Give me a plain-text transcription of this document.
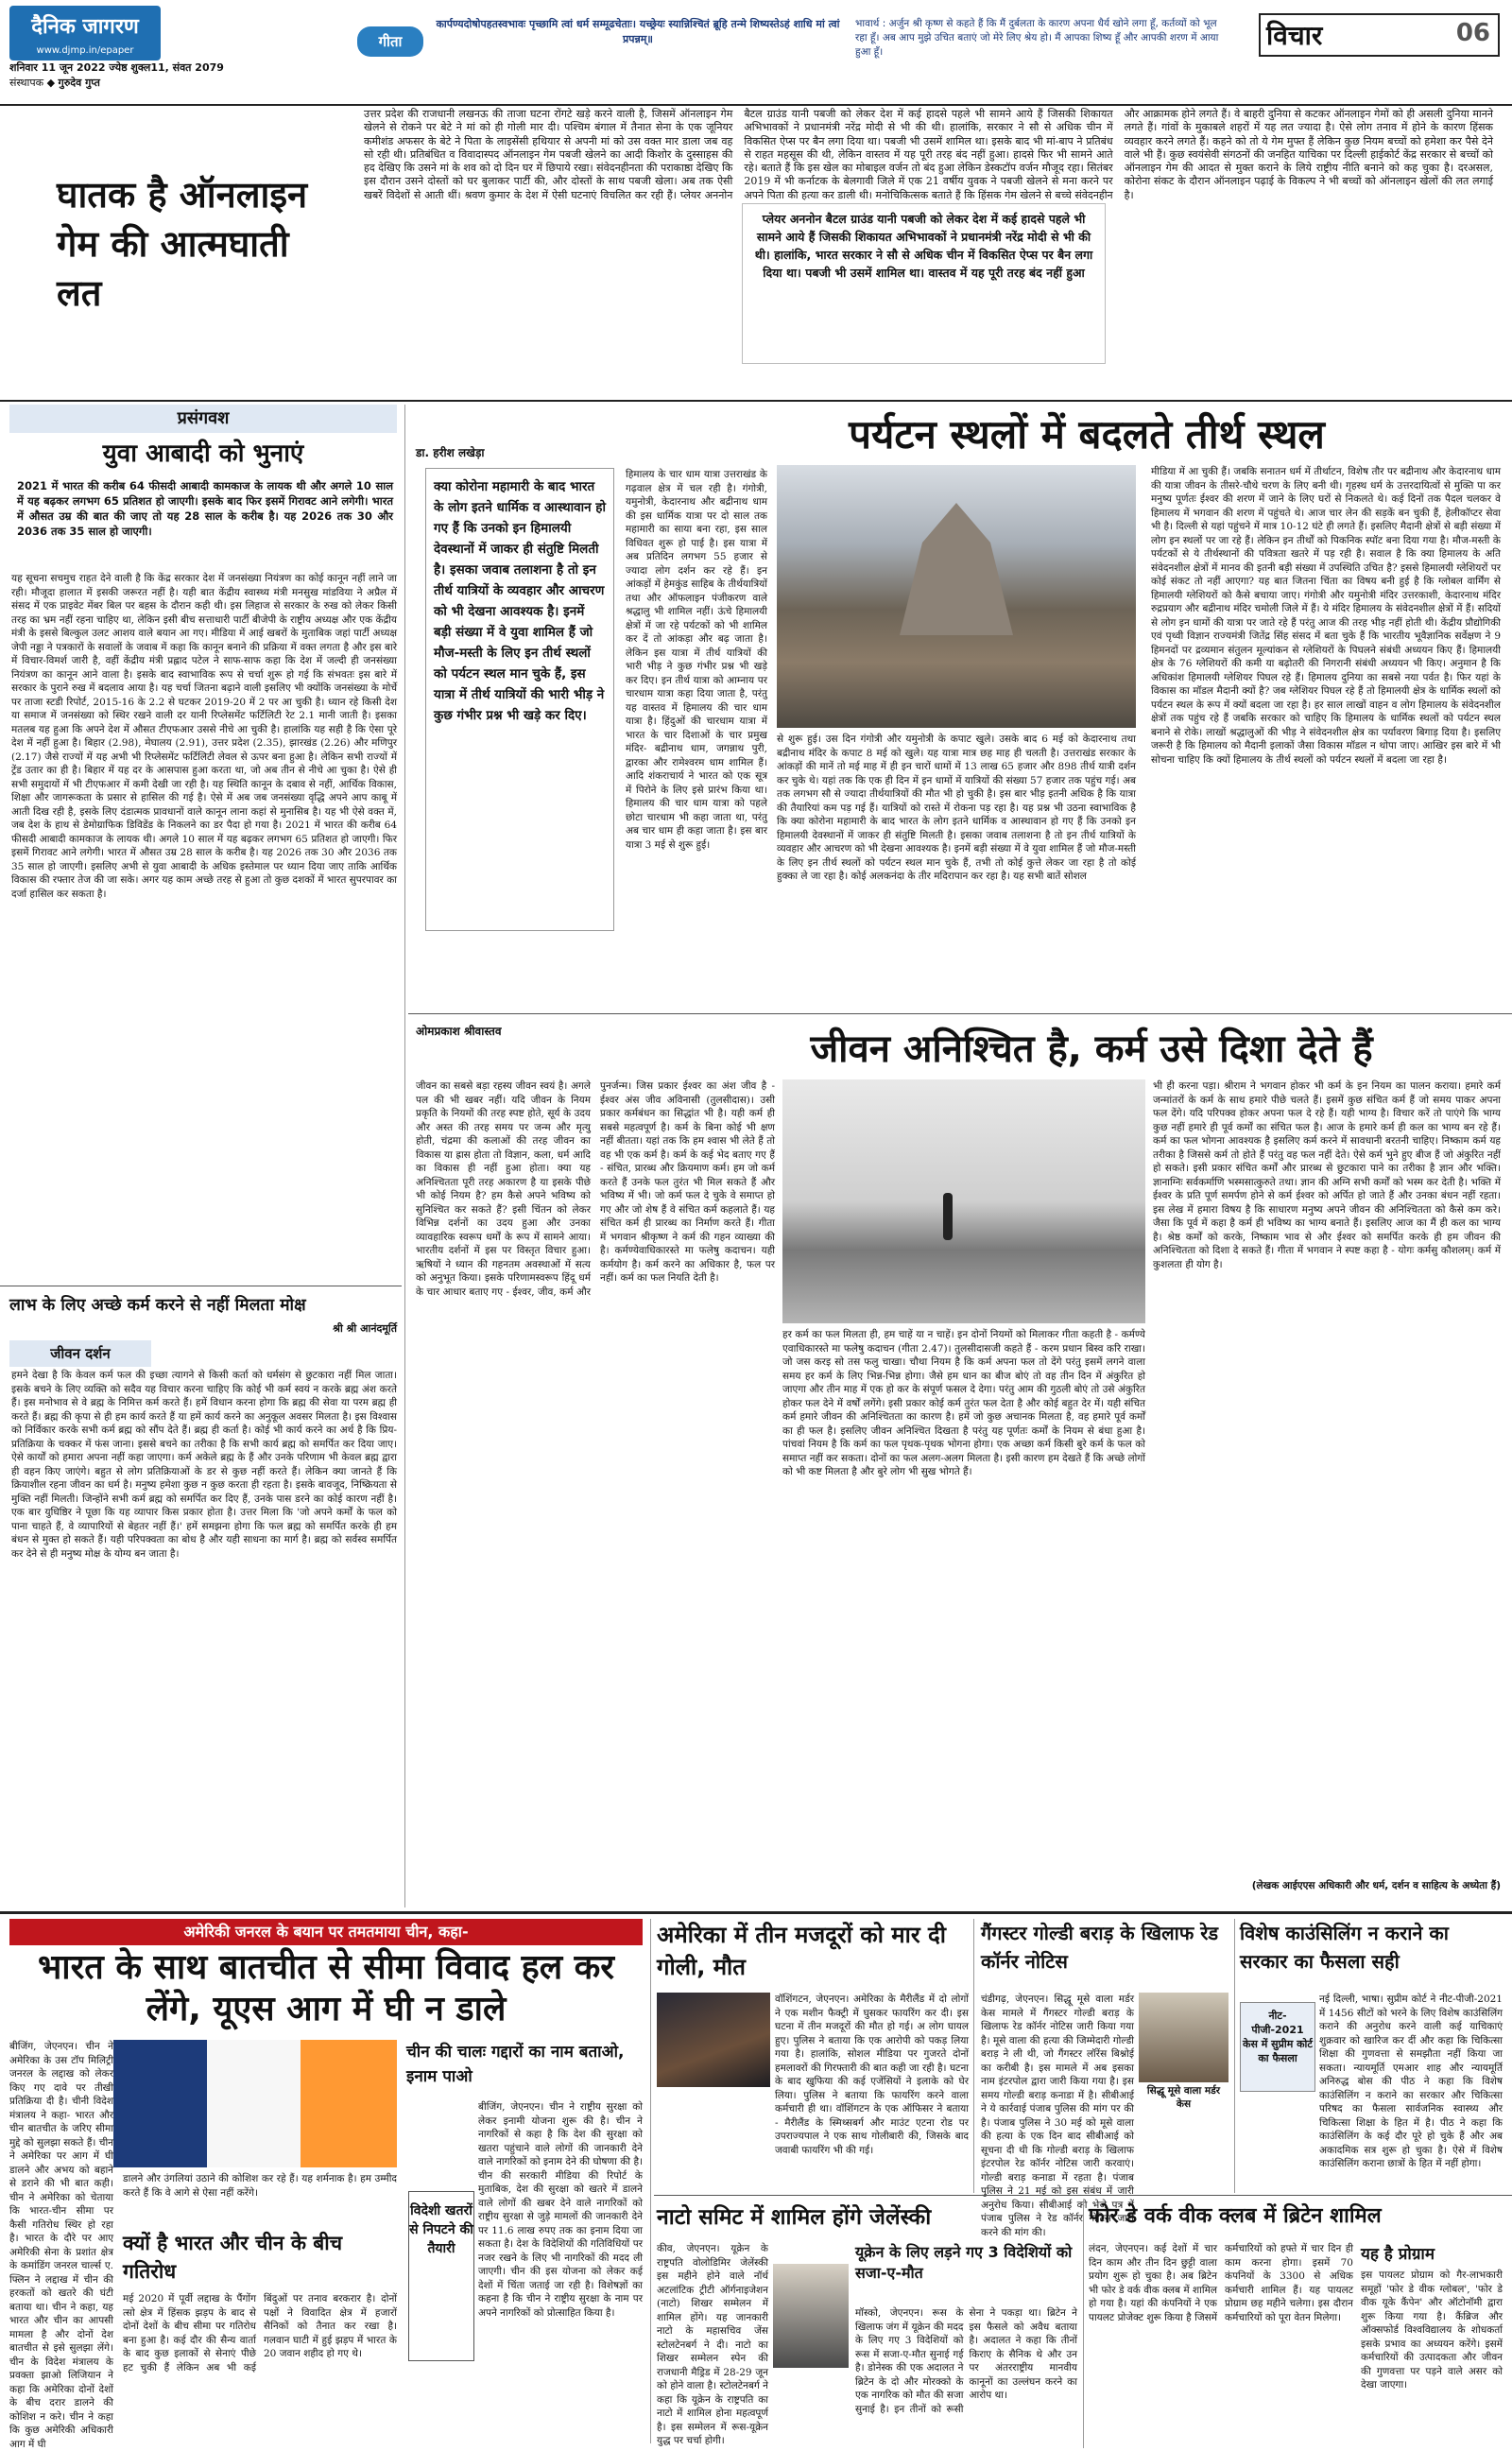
दैनिक जागरण
www.djmp.in/epaper
शनिवार 11 जून 2022 ज्येष्ठ शुक्ल11, संवत 2079
संस्थापक ◆ गुरुदेव गुप्त
गीता
कार्पण्यदोषोपहतस्वभावः पृच्छामि त्वां धर्म सम्मूढचेताः। यच्छ्रेयः स्यान्निश्चितं ब्रूहि तन्मे शिष्यस्तेऽहं शाधि मां त्वां प्रपन्नम्॥
भावार्थ : अर्जुन श्री कृष्ण से कहते हैं कि मैं दुर्बलता के कारण अपना धैर्य खोने लगा हूँ, कर्तव्यों को भूल रहा हूँ। अब आप मुझे उचित बताएं जो मेरे लिए श्रेय हो। मैं आपका शिष्य हूँ और आपकी शरण में आया हुआ हूँ।
विचार	06
घातक है ऑनलाइन गेम की आत्मघाती लत
उत्तर प्रदेश की राजधानी लखनऊ की ताजा घटना रोंगटे खड़े करने वाली है, जिसमें ऑनलाइन गेम खेलने से रोकने पर बेटे ने मां को ही गोली मार दी। पश्चिम बंगाल में तैनात सेना के एक जूनियर कमीशंड अफसर के बेटे ने पिता के लाइसेंसी हथियार से अपनी मां को उस वक्त मार डाला जब वह सो रही थी। प्रतिबंधित व विवादास्पद ऑनलाइन गेम पबजी खेलने का आदी किशोर के दुस्साहस की हद देखिए कि उसने मां के शव को दो दिन घर में छिपाये रखा। संवेदनहीनता की पराकाष्ठा देखिए कि इस दौरान उसने दोस्तों को घर बुलाकर पार्टी की, और दोस्तों के साथ पबजी खेला। अब तक ऐसी खबरें विदेशों से आती थीं। श्रवण कुमार के देश में ऐसी घटनाएं विचलित कर रही हैं। प्लेयर अननोन बैटल ग्राउंड यानी पबजी को लेकर देश में कई हादसे पहले भी सामने आये हैं जिसकी शिकायत अभिभावकों ने प्रधानमंत्री नरेंद्र मोदी से भी की थी। हालांकि, सरकार ने सौ से अधिक चीन में विकसित ऐप्स पर बैन लगा दिया था। पबजी भी उसमें शामिल था। इसके बाद भी मां-बाप ने प्रतिबंध से राहत महसूस की थी, लेकिन वास्तव में यह पूरी तरह बंद नहीं हुआ। हादसे फिर भी सामने आते रहे। बताते हैं कि इस खेल का मोबाइल वर्जन तो बंद हुआ लेकिन डेस्कटॉप वर्जन मौजूद रहा। सितंबर 2019 में भी कर्नाटक के बेलगावी जिले में एक 21 वर्षीय युवक ने पबजी खेलने से मना करने पर अपने पिता की हत्या कर डाली थी। मनोचिकित्सक बताते हैं कि हिंसक गेम खेलने से बच्चे संवेदनहीन और आक्रामक होने लगते हैं। वे बाहरी दुनिया से कटकर ऑनलाइन गेमों को ही असली दुनिया मानने लगते हैं। गांवों के मुकाबले शहरों में यह लत ज्यादा है। ऐसे लोग तनाव में होने के कारण हिंसक व्यवहार करने लगते हैं। कहने को तो ये गेम मुफ्त हैं लेकिन कुछ नियम बच्चों को हमेशा कर पैसे देने वाले भी हैं। कुछ स्वयंसेवी संगठनों की जनहित याचिका पर दिल्ली हाईकोर्ट केंद्र सरकार से बच्चों को ऑनलाइन गेम की आदत से मुक्त कराने के लिये राष्ट्रीय नीति बनाने को कह चुका है। दरअसल, कोरोना संकट के दौरान ऑनलाइन पढ़ाई के विकल्प ने भी बच्चों को ऑनलाइन खेलों की लत लगाई है।
प्लेयर अननोन बैटल ग्राउंड यानी पबजी को लेकर देश में कई हादसे पहले भी सामने आये हैं जिसकी शिकायत अभिभावकों ने प्रधानमंत्री नरेंद्र मोदी से भी की थी। हालांकि, भारत सरकार ने सौ से अधिक चीन में विकसित ऐप्स पर बैन लगा दिया था। पबजी भी उसमें शामिल था। वास्तव में यह पूरी तरह बंद नहीं हुआ
प्रसंगवश
युवा आबादी को भुनाएं
2021 में भारत की करीब 64 फीसदी आबादी कामकाज के लायक थी और अगले 10 साल में यह बढ़कर लगभग 65 प्रतिशत हो जाएगी। इसके बाद फिर इसमें गिरावट आने लगेगी। भारत में औसत उम्र की बात की जाए तो यह 28 साल के करीब है। यह 2026 तक 30 और 2036 तक 35 साल हो जाएगी।
यह सूचना सचमुच राहत देने वाली है कि केंद्र सरकार देश में जनसंख्या नियंत्रण का कोई कानून नहीं लाने जा रही। मौजूदा हालात में इसकी जरूरत नहीं है। यही बात केंद्रीय स्वास्थ्य मंत्री मनसुख मांडविया ने अप्रैल में संसद में एक प्राइवेट मेंबर बिल पर बहस के दौरान कही थी। इस लिहाज से सरकार के रुख को लेकर किसी तरह का भ्रम नहीं रहना चाहिए था, लेकिन इसी बीच सत्ताधारी पार्टी बीजेपी के राष्ट्रीय अध्यक्ष और एक केंद्रीय मंत्री के इससे बिल्कुल उलट आशय वाले बयान आ गए। मीडिया में आई खबरों के मुताबिक जहां पार्टी अध्यक्ष जेपी नड्डा ने पत्रकारों के सवालों के जवाब में कहा कि कानून बनाने की प्रक्रिया में वक्त लगता है और इस बारे में विचार-विमर्श जारी है, वहीं केंद्रीय मंत्री प्रह्लाद पटेल ने साफ-साफ कहा कि देश में जल्दी ही जनसंख्या नियंत्रण का कानून आने वाला है। इसके बाद स्वाभाविक रूप से चर्चा शुरू हो गई कि संभवतः इस बारे में सरकार के पुराने रुख में बदलाव आया है। यह चर्चा जितना बढ़ाने वाली इसलिए भी क्योंकि जनसंख्या के मोर्चे पर ताजा स्टडी रिपोर्ट, 2015-16 के 2.2 से घटकर 2019-20 में 2 पर आ चुकी है। ध्यान रहे किसी देश या समाज में जनसंख्या को स्थिर रखने वाली दर यानी रिप्लेसमेंट फर्टिलिटी रेट 2.1 मानी जाती है। इसका मतलब यह हुआ कि अपने देश में औसत टीएफआर उससे नीचे आ चुकी है। हालांकि यह सही है कि ऐसा पूरे देश में नहीं हुआ है। बिहार (2.98), मेघालय (2.91), उत्तर प्रदेश (2.35), झारखंड (2.26) और मणिपुर (2.17) जैसे राज्यों में यह अभी भी रिप्लेसमेंट फर्टिलिटी लेवल से ऊपर बना हुआ है। लेकिन सभी राज्यों में ट्रेंड उतार का ही है। बिहार में यह दर के आसपास हुआ करता था, जो अब तीन से नीचे आ चुका है। ऐसे ही सभी समुदायों में भी टीएफआर में कमी देखी जा रही है। यह स्थिति कानून के दबाव से नहीं, आर्थिक विकास, शिक्षा और जागरूकता के प्रसार से हासिल की गई है। ऐसे में अब जब जनसंख्या वृद्धि अपने आप काबू में आती दिख रही है, इसके लिए दंडात्मक प्रावधानों वाले कानून लाना कहां से मुनासिब है। यह भी ऐसे वक्त में, जब देश के हाथ से डेमोग्राफिक डिविडेंड के निकलने का डर पैदा हो गया है। 2021 में भारत की करीब 64 फीसदी आबादी कामकाज के लायक थी। अगले 10 साल में यह बढ़कर लगभग 65 प्रतिशत हो जाएगी। फिर इसमें गिरावट आने लगेगी। भारत में औसत उम्र 28 साल के करीब है। यह 2026 तक 30 और 2036 तक 35 साल हो जाएगी। इसलिए अभी से युवा आबादी के अधिक इस्तेमाल पर ध्यान दिया जाए ताकि आर्थिक विकास की रफ्तार तेज की जा सके। अगर यह काम अच्छे तरह से हुआ तो कुछ दशकों में भारत सुपरपावर का दर्जा हासिल कर सकता है।
लाभ के लिए अच्छे कर्म करने से नहीं मिलता मोक्ष
श्री श्री आनंदमूर्ति
जीवन दर्शन
हमने देखा है कि केवल कर्म फल की इच्छा त्यागने से किसी कर्ता को धर्मसंग से छुटकारा नहीं मिल जाता। इसके बचने के लिए व्यक्ति को सदैव यह विचार करना चाहिए कि कोई भी कर्म स्वयं न करके ब्रह्म अंश करते हैं। इस मनोभाव से वे ब्रह्म के निमित्त कर्म करते हैं। हमें विधान करना होगा कि ब्रह्म की सेवा या परम ब्रह्म ही करते हैं। ब्रह्म की कृपा से ही हम कार्य करते हैं या हमें कार्य करने का अनुकूल अवसर मिलता है। इस विश्वास को निर्विकार करके सभी कर्म ब्रह्म को सौंप देते हैं। ब्रह्म ही कर्ता है। कोई भी कार्य करने का अर्थ है कि प्रिय-प्रतिक्रिया के चक्कर में फंस जाना। इससे बचने का तरीका है कि सभी कार्य ब्रह्म को समर्पित कर दिया जाए। ऐसे कार्यों को हमारा अपना नहीं कहा जाएगा। कर्म अकेले ब्रह्म के हैं और उनके परिणाम भी केवल ब्रह्म द्वारा ही वहन किए जाएंगे। बहुत से लोग प्रतिक्रियाओं के डर से कुछ नहीं करते हैं। लेकिन क्या जानते हैं कि क्रियाशील रहना जीवन का धर्म है। मनुष्य हमेशा कुछ न कुछ करता ही रहता है। इसके बावजूद, निष्क्रियता से मुक्ति नहीं मिलती। जिन्होंने सभी कर्म ब्रह्म को समर्पित कर दिए हैं, उनके पास डरने का कोई कारण नहीं है। एक बार युधिष्ठिर ने पूछा कि यह व्यापार किस प्रकार होता है। उत्तर मिला कि 'जो अपने कर्मों के फल को पाना चाहते हैं, वे व्यापारियों से बेहतर नहीं हैं।' हमें समझना होगा कि फल ब्रह्म को समर्पित करके ही हम बंधन से मुक्त हो सकते हैं। यही परिपक्वता का बोध है और यही साधना का मार्ग है। ब्रह्म को सर्वस्व समर्पित कर देने से ही मनुष्य मोक्ष के योग्य बन जाता है।
पर्यटन स्थलों में बदलते तीर्थ स्थल
डा. हरीश लखेड़ा
क्या कोरोना महामारी के बाद भारत के लोग इतने धार्मिक व आस्थावान हो गए हैं कि उनको इन हिमालयी देवस्थानों में जाकर ही संतुष्टि मिलती है। इसका जवाब तलाशना है तो इन तीर्थ यात्रियों के व्यवहार और आचरण को भी देखना आवश्यक है। इनमें बड़ी संख्या में वे युवा शामिल हैं जो मौज-मस्ती के लिए इन तीर्थ स्थलों को पर्यटन स्थल मान चुके हैं, इस यात्रा में तीर्थ यात्रियों की भारी भीड़ ने कुछ गंभीर प्रश्न भी खड़े कर दिए।
हिमालय के चार धाम यात्रा उत्तराखंड के गढ़वाल क्षेत्र में चल रही है। गंगोत्री, यमुनोत्री, केदारनाथ और बद्रीनाथ धाम की इस धार्मिक यात्रा पर दो साल तक महामारी का साया बना रहा, इस साल विधिवत शुरू हो पाई है। इस यात्रा में अब प्रतिदिन लगभग 55 हजार से ज्यादा लोग दर्शन कर रहे हैं। इन आंकड़ों में हेमकुंड साहिब के तीर्थयात्रियों तथा और ऑफलाइन पंजीकरण वाले श्रद्धालु भी शामिल नहीं। ऊंचे हिमालयी क्षेत्रों में जा रहे पर्यटकों को भी शामिल कर दें तो आंकड़ा और बढ़ जाता है। लेकिन इस यात्रा में तीर्थ यात्रियों की भारी भीड़ ने कुछ गंभीर प्रश्न भी खड़े कर दिए। इन तीर्थ यात्रा को आम्नाय पर चारधाम यात्रा कहा दिया जाता है, परंतु यह वास्तव में हिमालय की चार धाम यात्रा है। हिंदुओं की चारधाम यात्रा में भारत के चार दिशाओं के चार प्रमुख मंदिर- बद्रीनाथ धाम, जगन्नाथ पुरी, द्वारका और रामेश्वरम धाम शामिल हैं। आदि शंकराचार्य ने भारत को एक सूत्र में पिरोने के लिए इसे प्रारंभ किया था। हिमालय की चार धाम यात्रा को पहले छोटा चारधाम भी कहा जाता था, परंतु अब चार धाम ही कहा जाता है। इस बार यात्रा 3 मई से शुरू हुई।
से शुरू हुई। उस दिन गंगोत्री और यमुनोत्री के कपाट खुले। उसके बाद 6 मई को केदारनाथ तथा बद्रीनाथ मंदिर के कपाट 8 मई को खुले। यह यात्रा मात्र छह माह ही चलती है। उत्तराखंड सरकार के आंकड़ों की मानें तो मई माह में ही इन चारों धामों में 13 लाख 65 हजार और 898 तीर्थ यात्री दर्शन कर चुके थे। यहां तक कि एक ही दिन में इन धामों में यात्रियों की संख्या 57 हजार तक पहुंच गई। अब तक लगभग सौ से ज्यादा तीर्थयात्रियों की मौत भी हो चुकी है। इस बार भीड़ इतनी अधिक है कि यात्रा की तैयारियां कम पड़ गई हैं। यात्रियों को रास्ते में रोकना पड़ रहा है। यह प्रश्न भी उठना स्वाभाविक है कि क्या कोरोना महामारी के बाद भारत के लोग इतने धार्मिक व आस्थावान हो गए हैं कि उनको इन हिमालयी देवस्थानों में जाकर ही संतुष्टि मिलती है। इसका जवाब तलाशना है तो इन तीर्थ यात्रियों के व्यवहार और आचरण को भी देखना आवश्यक है। इनमें बड़ी संख्या में वे युवा शामिल हैं जो मौज-मस्ती के लिए इन तीर्थ स्थलों को पर्यटन स्थल मान चुके हैं, तभी तो कोई कुत्ते लेकर जा रहा है तो कोई हुक्का ले जा रहा है। कोई अलकनंदा के तीर मदिरापान कर रहा है। यह सभी बातें सोशल
मीडिया में आ चुकी हैं। जबकि सनातन धर्म में तीर्थाटन, विशेष तौर पर बद्रीनाथ और केदारनाथ धाम की यात्रा जीवन के तीसरे-चौथे चरण के लिए बनी थी। गृहस्थ धर्म के उत्तरदायित्वों से मुक्ति पा कर मनुष्य पूर्णतः ईश्वर की शरण में जाने के लिए घरों से निकलते थे। कई दिनों तक पैदल चलकर वे हिमालय में भगवान की शरण में पहुंचते थे। आज चार लेन की सड़कें बन चुकी हैं, हेलीकॉप्टर सेवा भी है। दिल्ली से यहां पहुंचने में मात्र 10-12 घंटे ही लगते हैं। इसलिए मैदानी क्षेत्रों से बड़ी संख्या में लोग इन स्थलों पर जा रहे हैं। लेकिन इन तीर्थों को पिकनिक स्पॉट बना दिया गया है। मौज-मस्ती के पर्यटकों से ये तीर्थस्थानों की पवित्रता खतरे में पड़ रही है। सवाल है कि क्या हिमालय के अति संवेदनशील क्षेत्रों में मानव की इतनी बड़ी संख्या में उपस्थिति उचित है? इससे हिमालयी ग्लेशियरों पर कोई संकट तो नहीं आएगा? यह बात जितना चिंता का विषय बनी हुई है कि ग्लोबल वार्मिंग से हिमालयी ग्लेशियरों को कैसे बचाया जाए। गंगोत्री और यमुनोत्री मंदिर उत्तरकाशी, केदारनाथ मंदिर रुद्रप्रयाग और बद्रीनाथ मंदिर चमोली जिले में हैं। ये मंदिर हिमालय के संवेदनशील क्षेत्रों में हैं। सदियों से लोग इन धामों की यात्रा पर जाते रहे हैं परंतु आज की तरह भीड़ नहीं होती थी। केंद्रीय प्रौद्योगिकी एवं पृथ्वी विज्ञान राज्यमंत्री जितेंद्र सिंह संसद में बता चुके हैं कि भारतीय भूवैज्ञानिक सर्वेक्षण ने 9 हिमनदों पर द्रव्यमान संतुलन मूल्यांकन से ग्लेशियरों के पिघलने संबंधी अध्ययन किए हैं। हिमालयी क्षेत्र के 76 ग्लेशियरों की कमी या बढ़ोतरी की निगरानी संबंधी अध्ययन भी किए। अनुमान है कि अधिकांश हिमालयी ग्लेशियर पिघल रहे हैं। हिमालय दुनिया का सबसे नया पर्वत है। फिर यहां के विकास का मॉडल मैदानी क्यों है? जब ग्लेशियर पिघल रहे हैं तो हिमालयी क्षेत्र के धार्मिक स्थलों को पर्यटन स्थल के रूप में क्यों बदला जा रहा है। हर साल लाखों वाहन व लोग हिमालय के संवेदनशील क्षेत्रों तक पहुंच रहे हैं जबकि सरकार को चाहिए कि हिमालय के धार्मिक स्थलों को पर्यटन स्थल बनाने से रोके। लाखों श्रद्धालुओं की भीड़ ने संवेदनशील क्षेत्र का पर्यावरण बिगाड़ दिया है। इसलिए जरूरी है कि हिमालय को मैदानी इलाकों जैसा विकास मॉडल न थोपा जाए। आखिर इस बारे में भी सोचना चाहिए कि क्यों हिमालय के तीर्थ स्थलों को पर्यटन स्थलों में बदला जा रहा है।
ओमप्रकाश श्रीवास्तव	जीवन अनिश्चित है, कर्म उसे दिशा देते हैं
जीवन का सबसे बड़ा रहस्य जीवन स्वयं है। अगले पल की भी खबर नहीं। यदि जीवन के नियम प्रकृति के नियमों की तरह स्पष्ट होते, सूर्य के उदय और अस्त की तरह समय पर जन्म और मृत्यु होती, चंद्रमा की कलाओं की तरह जीवन का विकास या ह्रास होता तो विज्ञान, कला, धर्म आदि का विकास ही नहीं हुआ होता। क्या यह अनिश्चितता पूरी तरह अकारण है या इसके पीछे भी कोई नियम है? हम कैसे अपने भविष्य को सुनिश्चित कर सकते हैं? इसी चिंतन को लेकर विभिन्न दर्शनों का उदय हुआ और उनका व्यावहारिक स्वरूप धर्मों के रूप में सामने आया। भारतीय दर्शनों में इस पर विस्तृत विचार हुआ। ऋषियों ने ध्यान की गहनतम अवस्थाओं में सत्य को अनुभूत किया। इसके परिणामस्वरूप हिंदू धर्म के चार आधार बताए गए - ईश्वर, जीव, कर्म और पुनर्जन्म। जिस प्रकार ईश्वर का अंश जीव है - ईश्वर अंस जीव अविनासी (तुलसीदास)। उसी प्रकार कर्मबंधन का सिद्धांत भी है। यही कर्म ही सबसे महत्वपूर्ण है। कर्म के बिना कोई भी क्षण नहीं बीतता। यहां तक कि हम श्वास भी लेते हैं तो वह भी एक कर्म है। कर्म के कई भेद बताए गए हैं - संचित, प्रारब्ध और क्रियमाण कर्म। हम जो कर्म करते हैं उनके फल तुरंत भी मिल सकते हैं और भविष्य में भी। जो कर्म फल दे चुके वे समाप्त हो गए और जो शेष हैं वे संचित कर्म कहलाते हैं। यह संचित कर्म ही प्रारब्ध का निर्माण करते हैं। गीता में भगवान श्रीकृष्ण ने कर्म की गहन व्याख्या की है। कर्मण्येवाधिकारस्ते मा फलेषु कदाचन। यही कर्मयोग है। कर्म करने का अधिकार है, फल पर नहीं। कर्म का फल नियति देती है।
हर कर्म का फल मिलता ही, हम चाहें या न चाहें। इन दोनों नियमों को मिलाकर गीता कहती है - कर्मण्ये एवाधिकारस्ते मा फलेषु कदाचन (गीता 2.47)। तुलसीदासजी कहते हैं - करम प्रधान बिस्व करि राखा। जो जस करइ सो तस फलु चाखा। चौथा नियम है कि कर्म अपना फल तो देंगे परंतु इसमें लगने वाला समय हर कर्म के लिए भिन्न-भिन्न होगा। जैसे हम धान का बीज बोएं तो वह तीन दिन में अंकुरित हो जाएगा और तीन माह में एक हो कर के संपूर्ण फसल दे देगा। परंतु आम की गुठली बोएं तो उसे अंकुरित होकर फल देने में वर्षों लगेंगे। इसी प्रकार कोई कर्म तुरंत फल देता है और कोई बहुत देर में। यही संचित कर्म हमारे जीवन की अनिश्चितता का कारण है। हमें जो कुछ अचानक मिलता है, वह हमारे पूर्व कर्मों का ही फल है। इसलिए जीवन अनिश्चित दिखता है परंतु यह पूर्णतः कर्मों के नियम से बंधा हुआ है। पांचवां नियम है कि कर्म का फल पृथक-पृथक भोगना होगा। एक अच्छा कर्म किसी बुरे कर्म के फल को समाप्त नहीं कर सकता। दोनों का फल अलग-अलग मिलता है। इसी कारण हम देखते हैं कि अच्छे लोगों को भी कष्ट मिलता है और बुरे लोग भी सुख भोगते हैं।
भी ही करना पड़ा। श्रीराम ने भगवान होकर भी कर्म के इन नियम का पालन कराया। हमारे कर्म जन्मांतरों के कर्म के साथ हमारे पीछे चलते हैं। इसमें कुछ संचित कर्म हैं जो समय पाकर अपना फल देंगे। यदि परिपक्व होकर अपना फल दे रहे हैं। यही भाग्य है। विचार करें तो पाएंगे कि भाग्य कुछ नहीं हमारे ही पूर्व कर्मों का संचित फल है। आज के हमारे कर्म ही कल का भाग्य बन रहे हैं। कर्म का फल भोगना आवश्यक है इसलिए कर्म करने में सावधानी बरतनी चाहिए। निष्काम कर्म यह तरीका है जिससे कर्म तो होते हैं परंतु वह फल नहीं देते। ऐसे कर्म भुने हुए बीज हैं जो अंकुरित नहीं हो सकते। इसी प्रकार संचित कर्मों और प्रारब्ध से छुटकारा पाने का तरीका है ज्ञान और भक्ति। ज्ञानाग्निः सर्वकर्माणि भस्मसात्कुरुते तथा। ज्ञान की अग्नि सभी कर्मों को भस्म कर देती है। भक्ति में ईश्वर के प्रति पूर्ण समर्पण होने से कर्म ईश्वर को अर्पित हो जाते हैं और उनका बंधन नहीं रहता। इस लेख में हमारा विषय है कि साधारण मनुष्य अपने जीवन की अनिश्चितता को कैसे कम करे। जैसा कि पूर्व में कहा है कर्म ही भविष्य का भाग्य बनाते हैं। इसलिए आज का मैं ही कल का भाग्य है। श्रेष्ठ कर्मों को करके, निष्काम भाव से और ईश्वर को समर्पित करके ही हम जीवन की अनिश्चितता को दिशा दे सकते हैं। गीता में भगवान ने स्पष्ट कहा है - योगः कर्मसु कौशलम्। कर्म में कुशलता ही योग है।
(लेखक आईएएस अधिकारी और धर्म, दर्शन व साहित्य के अध्येता हैं)
अमेरिकी जनरल के बयान पर तमतमाया चीन, कहा-
भारत के साथ बातचीत से सीमा विवाद हल कर लेंगे, यूएस आग में घी न डाले
बीजिंग, जेएनएन। चीन ने अमेरिका के उस टॉप मिलिट्री जनरल के लद्दाख को लेकर किए गए दावे पर तीखी प्रतिक्रिया दी है। चीनी विदेश मंत्रालय ने कहा- भारत और चीन बातचीत के जरिए सीमा मुद्दे को सुलझा सकते हैं। चीन ने अमेरिका पर आग में घी डालने और अभय को बहाने से डराने की भी बात कही। चीन ने अमेरिका को चेताया कि भारत-चीन सीमा पर कैसी गतिरोध स्थिर हो रहा है। भारत के दौरे पर आए अमेरिकी सेना के प्रशांत क्षेत्र के कमांडिंग जनरल चार्ल्स ए. फ्लिन ने लद्दाख में चीन की हरकतों को खतरे की घंटी बताया था। चीन ने कहा, यह भारत और चीन का आपसी मामला है और दोनों देश बातचीत से इसे सुलझा लेंगे। चीन के विदेश मंत्रालय के प्रवक्ता झाओ लिजियान ने कहा कि अमेरिका दोनों देशों के बीच दरार डालने की कोशिश न करे। चीन ने कहा कि कुछ अमेरिकी अधिकारी आग में घी
डालने और उंगलियां उठाने की कोशिश कर रहे हैं। यह शर्मनाक है। हम उम्मीद करते हैं कि वे आगे से ऐसा नहीं करेंगे।
क्यों है भारत और चीन के बीच गतिरोध
मई 2020 में पूर्वी लद्दाख के पैंगोंग त्सो क्षेत्र में हिंसक झड़प के बाद से दोनों देशों के बीच सीमा पर गतिरोध बना हुआ है। कई दौर की सैन्य वार्ता के बाद कुछ इलाकों से सेनाएं पीछे हट चुकी हैं लेकिन अब भी कई बिंदुओं पर तनाव बरकरार है। दोनों पक्षों ने विवादित क्षेत्र में हजारों सैनिकों को तैनात कर रखा है। गलवान घाटी में हुई झड़प में भारत के 20 जवान शहीद हो गए थे।
चीन की चालः गद्दारों का नाम बताओ, इनाम पाओ
विदेशी खतरों से निपटने की तैयारी
बीजिंग, जेएनएन। चीन ने राष्ट्रीय सुरक्षा को लेकर इनामी योजना शुरू की है। चीन ने नागरिकों से कहा है कि देश की सुरक्षा को खतरा पहुंचाने वाले लोगों की जानकारी देने वाले नागरिकों को इनाम देने की घोषणा की है। चीन की सरकारी मीडिया की रिपोर्ट के मुताबिक, देश की सुरक्षा को खतरे में डालने वाले लोगों की खबर देने वाले नागरिकों को राष्ट्रीय सुरक्षा से जुड़े मामलों की जानकारी देने पर 11.6 लाख रुपए तक का इनाम दिया जा सकता है। देश के विदेशियों की गतिविधियों पर नजर रखने के लिए भी नागरिकों की मदद ली जाएगी। चीन की इस योजना को लेकर कई देशों में चिंता जताई जा रही है। विशेषज्ञों का कहना है कि चीन ने राष्ट्रीय सुरक्षा के नाम पर अपने नागरिकों को प्रोत्साहित किया है।
अमेरिका में तीन मजदूरों को मार दी गोली, मौत
वॉशिंगटन, जेएनएन। अमेरिका के मैरीलैंड में दो लोगों ने एक मशीन फैक्ट्री में घुसकर फायरिंग कर दी। इस घटना में तीन मजदूरों की मौत हो गई। अ लोग घायल हुए। पुलिस ने बताया कि एक आरोपी को पकड़ लिया गया है। हालांकि, सोशल मीडिया पर गुजरते दोनों हमलावरों की गिरफ्तारी की बात कही जा रही है। घटना के बाद खुफिया की कई एजेंसियों ने इलाके को घेर लिया। पुलिस ने बताया कि फायरिंग करने वाला कर्मचारी ही था। वॉशिंगटन के एक ऑफिसर ने बताया - मैरीलैंड के स्मिथ्सबर्ग और माउंट एटना रोड पर उपराज्यपाल ने एक साथ गोलीबारी की, जिसके बाद जवाबी फायरिंग भी की गई।
गैंगस्टर गोल्डी बराड़ के खिलाफ रेड कॉर्नर नोटिस
सिद्धू मूसे वाला मर्डर केस
चंडीगढ़, जेएनएन। सिद्धू मूसे वाला मर्डर केस मामले में गैंगस्टर गोल्डी बराड़ के खिलाफ रेड कॉर्नर नोटिस जारी किया गया है। मूसे वाला की हत्या की जिम्मेदारी गोल्डी बराड़ ने ली थी, जो गैंगस्टर लॉरेंस बिश्नोई का करीबी है। इस मामले में अब इसका नाम इंटरपोल द्वारा जारी किया गया है। इस समय गोल्डी बराड़ कनाडा में है। सीबीआई ने ये कार्रवाई पंजाब पुलिस की मांग पर की है। पंजाब पुलिस ने 30 मई को मूसे वाला की हत्या के एक दिन बाद सीबीआई को सूचना दी थी कि गोल्डी बराड़ के खिलाफ इंटरपोल रेड कॉर्नर नोटिस जारी करवाएं। गोल्डी बराड़ कनाडा में रहता है। पंजाब पुलिस ने 21 मई को इस संबंध में जारी अनुरोध किया। सीबीआई को भेजे पत्र में पंजाब पुलिस ने रेड कॉर्नर नोटिस जारी करने की मांग की।
विशेष काउंसिलिंग न कराने का सरकार का फैसला सही
नीट-पीजी-2021 केस में सुप्रीम कोर्ट का फैसला
नई दिल्ली, भाषा। सुप्रीम कोर्ट ने नीट-पीजी-2021 में 1456 सीटों को भरने के लिए विशेष काउंसिलिंग कराने की अनुरोध करने वाली कई याचिकाएं शुक्रवार को खारिज कर दीं और कहा कि चिकित्सा शिक्षा की गुणवत्ता से समझौता नहीं किया जा सकता। न्यायमूर्ति एमआर शाह और न्यायमूर्ति अनिरुद्ध बोस की पीठ ने कहा कि विशेष काउंसिलिंग न कराने का सरकार और चिकित्सा परिषद का फैसला सार्वजनिक स्वास्थ्य और चिकित्सा शिक्षा के हित में है। पीठ ने कहा कि काउंसिलिंग के कई दौर पूरे हो चुके हैं और अब अकादमिक सत्र शुरू हो चुका है। ऐसे में विशेष काउंसिलिंग कराना छात्रों के हित में नहीं होगा।
नाटो समिट में शामिल होंगे जेलेंस्की
कीव, जेएनएन। यूक्रेन के राष्ट्रपति वोलोडिमिर जेलेंस्की इस महीने होने वाले नॉर्थ अटलांटिक ट्रीटी ऑर्गनाइजेशन (नाटो) शिखर सम्मेलन में शामिल होंगे। यह जानकारी नाटो के महासचिव जेंस स्टोलटेनबर्ग ने दी। नाटो का शिखर सम्मेलन स्पेन की राजधानी मैड्रिड में 28-29 जून को होने वाला है। स्टोलटेनबर्ग ने कहा कि यूक्रेन के राष्ट्रपति का नाटो में शामिल होना महत्वपूर्ण है। इस सम्मेलन में रूस-यूक्रेन युद्ध पर चर्चा होगी।
यूक्रेन के लिए लड़ने गए 3 विदेशियों को सजा-ए-मौत
मॉस्को, जेएनएन। रूस के खिलाफ जंग में यूक्रेन की मदद के लिए गए 3 विदेशियों को रूस में सजा-ए-मौत सुनाई गई है। डोनेस्क की एक अदालत ने ब्रिटेन के दो और मोरक्को के एक नागरिक को मौत की सजा सुनाई है। इन तीनों को रूसी सेना ने पकड़ा था। ब्रिटेन ने इस फैसले को अवैध बताया है। अदालत ने कहा कि तीनों किराए के सैनिक थे और उन पर अंतरराष्ट्रीय मानवीय कानूनों का उल्लंघन करने का आरोप था।
फोर डे वर्क वीक क्लब में ब्रिटेन शामिल
लंदन, जेएनएन। कई देशों में चार दिन काम और तीन दिन छुट्टी वाला प्रयोग शुरू हो चुका है। अब ब्रिटेन भी फोर डे वर्क वीक क्लब में शामिल हो गया है। यहां की कंपनियों ने एक पायलट प्रोजेक्ट शुरू किया है जिसमें कर्मचारियों को हफ्ते में चार दिन ही काम करना होगा। इसमें 70 कंपनियों के 3300 से अधिक कर्मचारी शामिल हैं। यह पायलट प्रोग्राम छह महीने चलेगा। इस दौरान कर्मचारियों को पूरा वेतन मिलेगा।
यह है प्रोग्राम
इस पायलट प्रोग्राम को गैर-लाभकारी समूहों 'फोर डे वीक ग्लोबल', 'फोर डे वीक यूके कैंपेन' और ऑटोनॉमी द्वारा शुरू किया गया है। कैंब्रिज और ऑक्सफोर्ड विश्वविद्यालय के शोधकर्ता इसके प्रभाव का अध्ययन करेंगे। इसमें कर्मचारियों की उत्पादकता और जीवन की गुणवत्ता पर पड़ने वाले असर को देखा जाएगा।
